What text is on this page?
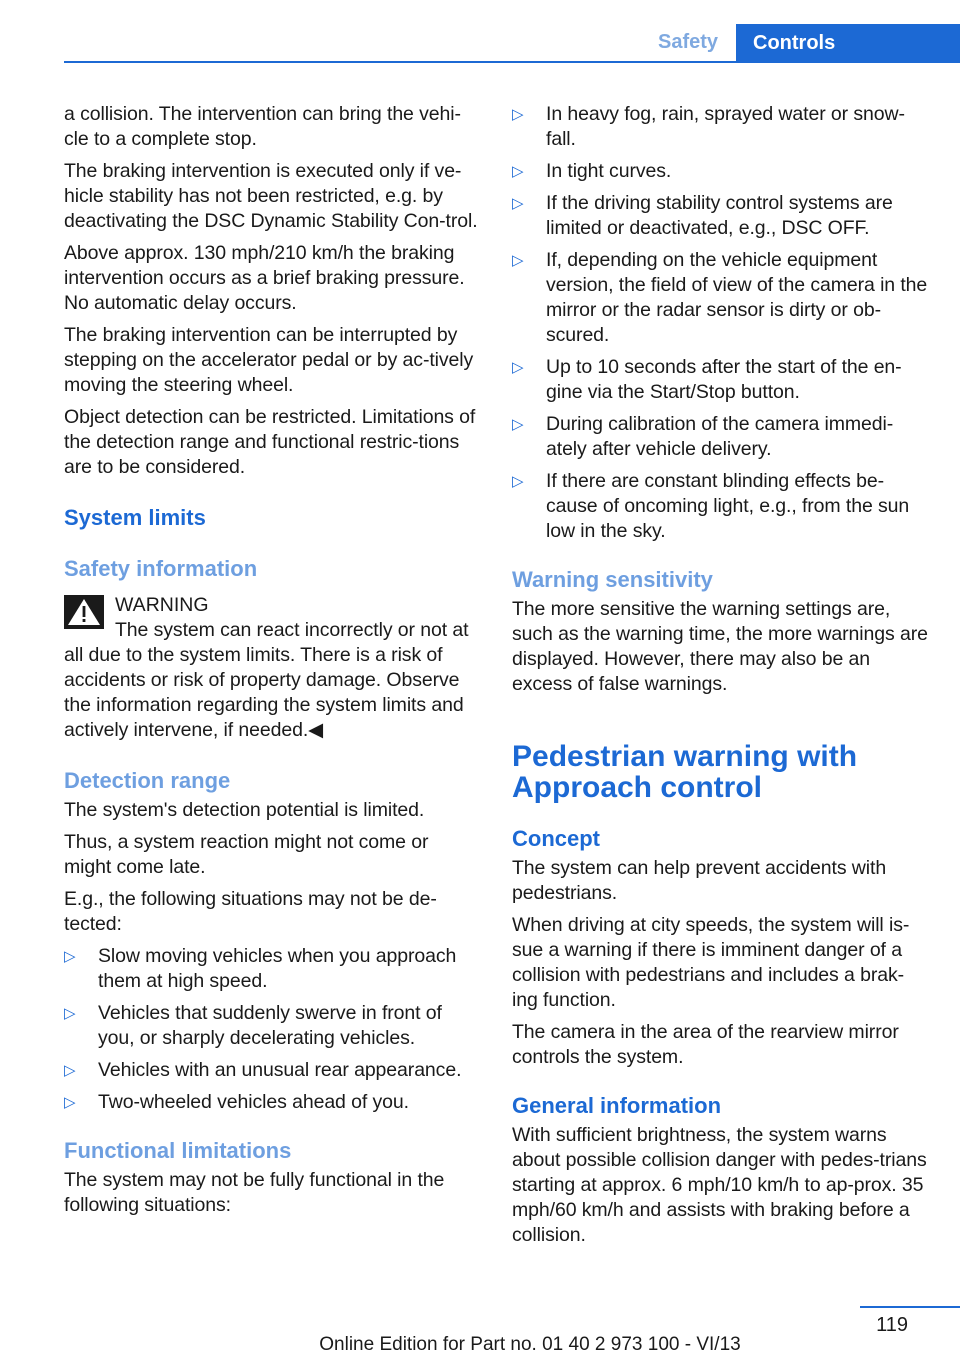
Safety	Controls

a collision. The intervention can bring the vehi‐cle to a complete stop.

The braking intervention is executed only if ve‐hicle stability has not been restricted, e.g. by deactivating the DSC Dynamic Stability Con‐trol.

Above approx. 130 mph/210 km/h the braking intervention occurs as a brief braking pressure. No automatic delay occurs.

The braking intervention can be interrupted by stepping on the accelerator pedal or by ac‐tively moving the steering wheel.

Object detection can be restricted. Limitations of the detection range and functional restric‐tions are to be considered.

System limits
Safety information
WARNING
The system can react incorrectly or not at all due to the system limits. There is a risk of accidents or risk of property damage. Observe the information regarding the system limits and actively intervene, if needed.◀
Detection range

The system's detection potential is limited.

Thus, a system reaction might not come or might come late.

E.g., the following situations may not be de‐tected:

▷ Slow moving vehicles when you approach them at high speed.
▷ Vehicles that suddenly swerve in front of you, or sharply decelerating vehicles.
▷ Vehicles with an unusual rear appearance.
▷ Two-wheeled vehicles ahead of you.
Functional limitations

The system may not be fully functional in the following situations:

▷ In heavy fog, rain, sprayed water or snow‐fall.
▷ In tight curves.
▷ If the driving stability control systems are limited or deactivated, e.g., DSC OFF.
▷ If, depending on the vehicle equipment version, the field of view of the camera in the mirror or the radar sensor is dirty or ob‐scured.
▷ Up to 10 seconds after the start of the en‐gine via the Start/Stop button.
▷ During calibration of the camera immedi‐ately after vehicle delivery.
▷ If there are constant blinding effects be‐cause of oncoming light, e.g., from the sun low in the sky.
Warning sensitivity

The more sensitive the warning settings are, such as the warning time, the more warnings are displayed. However, there may also be an excess of false warnings.

Pedestrian warning with Approach control
Concept

The system can help prevent accidents with pedestrians.

When driving at city speeds, the system will is‐sue a warning if there is imminent danger of a collision with pedestrians and includes a brak‐ing function.

The camera in the area of the rearview mirror controls the system.

General information

With sufficient brightness, the system warns about possible collision danger with pedes‐trians starting at approx. 6 mph/10 km/h to ap‐prox. 35 mph/60 km/h and assists with braking before a collision.

119
Online Edition for Part no. 01 40 2 973 100 - VI/13
